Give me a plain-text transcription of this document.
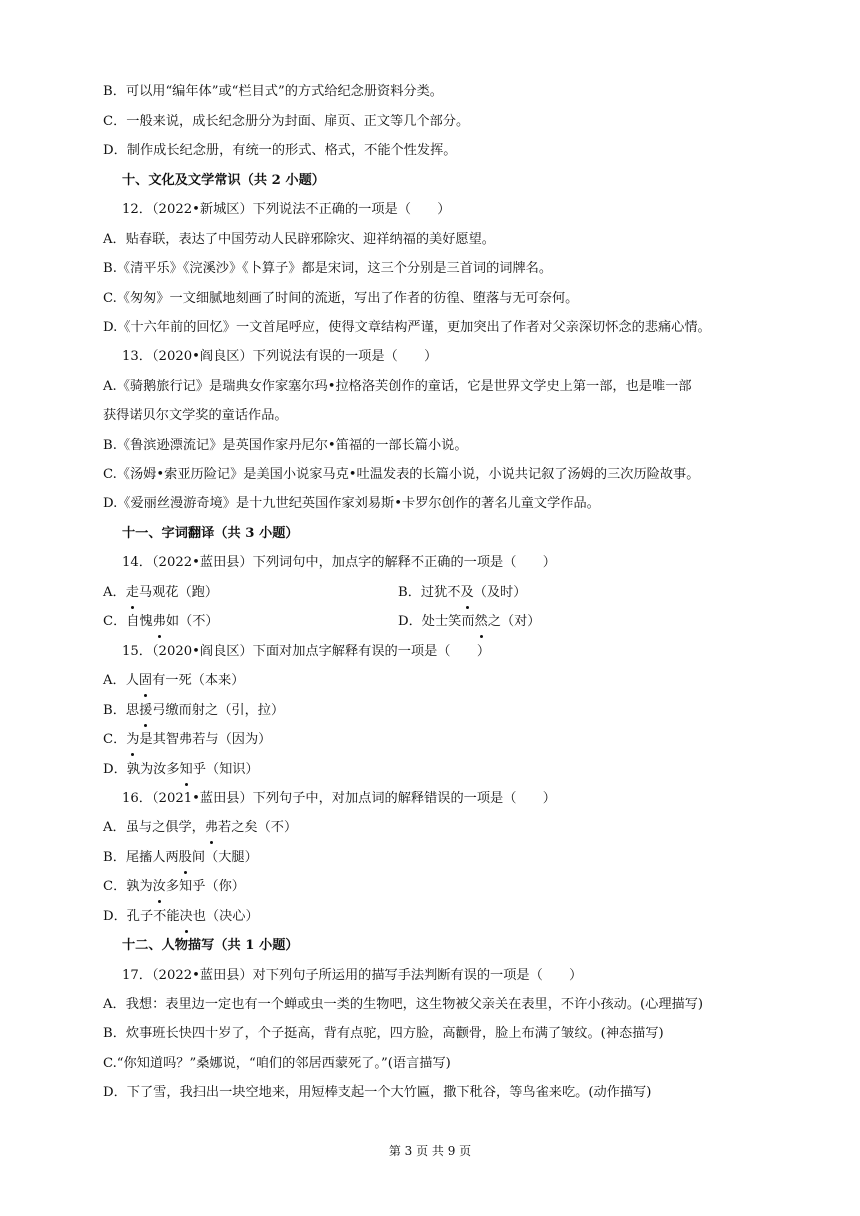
B．可以用“编年体”或“栏目式”的方式给纪念册资料分类。
C．一般来说，成长纪念册分为封面、扉页、正文等几个部分。
D．制作成长纪念册，有统一的形式、格式，不能个性发挥。
十、文化及文学常识（共 2 小题）
12．（2022•新城区）下列说法不正确的一项是（　　）
A．贴春联，表达了中国劳动人民辟邪除灾、迎祥纳福的美好愿望。
B.《清平乐》《浣溪沙》《卜算子》都是宋词，这三个分别是三首词的词牌名。
C.《匆匆》一文细腻地刻画了时间的流逝，写出了作者的彷徨、堕落与无可奈何。
D.《十六年前的回忆》一文首尾呼应，使得文章结构严谨，更加突出了作者对父亲深切怀念的悲痛心情。
13．（2020•阎良区）下列说法有误的一项是（　　）
A.《骑鹅旅行记》是瑞典女作家塞尔玛•拉格洛芙创作的童话，它是世界文学史上第一部，也是唯一部
获得诺贝尔文学奖的童话作品。
B.《鲁滨逊漂流记》是英国作家丹尼尔•笛福的一部长篇小说。
C.《汤姆•索亚历险记》是美国小说家马克•吐温发表的长篇小说，小说共记叙了汤姆的三次历险故事。
D.《爱丽丝漫游奇境》是十九世纪英国作家刘易斯•卡罗尔创作的著名儿童文学作品。
十一、字词翻译（共 3 小题）
14．（2022•蓝田县）下列词句中，加点字的解释不正确的一项是（　　）
A．走马观花（跑）	B．过犹不及（及时）
C．自愧弗如（不）	D．处士笑而然之（对）
15．（2020•阎良区）下面对加点字解释有误的一项是（　　）
A．人固有一死（本来）
B．思援弓缴而射之（引，拉）
C．为是其智弗若与（因为）
D．孰为汝多知乎（知识）
16．（2021•蓝田县）下列句子中，对加点词的解释错误的一项是（　　）
A．虽与之俱学，弗若之矣（不）
B．尾搐人两股间（大腿）
C．孰为汝多知乎（你）
D．孔子不能决也（决心）
十二、人物描写（共 1 小题）
17．（2022•蓝田县）对下列句子所运用的描写手法判断有误的一项是（　　）
A．我想：表里边一定也有一个蝉或虫一类的生物吧，这生物被父亲关在表里，不许小孩动。(心理描写)
B．炊事班长快四十岁了，个子挺高，背有点驼，四方脸，高颧骨，脸上布满了皱纹。(神态描写)
C.“你知道吗？”桑娜说，“咱们的邻居西蒙死了。”(语言描写)
D．下了雪，我扫出一块空地来，用短棒支起一个大竹匾，撒下秕谷，等鸟雀来吃。(动作描写)
第 3 页 共 9 页
